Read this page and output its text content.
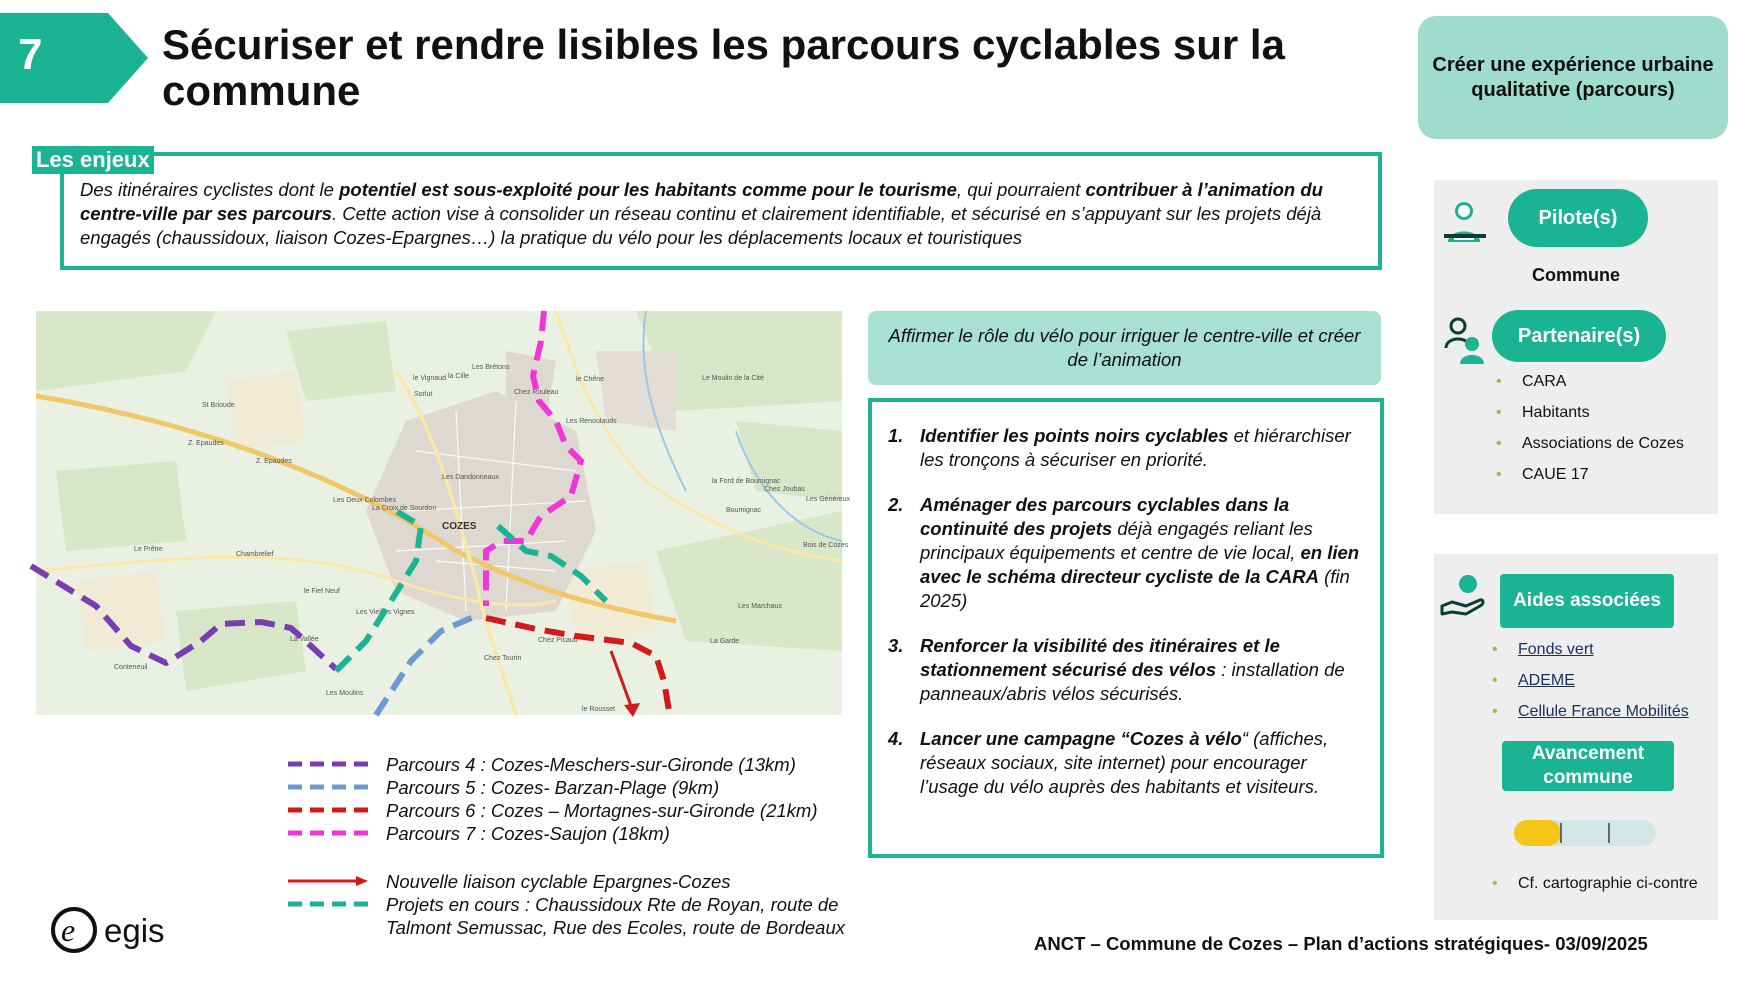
7	Sécuriser et rendre lisibles les parcours cyclables sur la
commune
Créer une expérience urbaine qualitative (parcours)
Les enjeux
Des itinéraires cyclistes dont le potentiel est sous-exploité pour les habitants comme pour le tourisme, qui pourraient contribuer à l’animation du centre-ville par ses parcours. Cette action vise à consolider un réseau continu et clairement identifiable, et sécurisé en s’appuyant sur les projets déjà engagés (chaussidoux, liaison Cozes-Epargnes…) la pratique du vélo pour les déplacements locaux et touristiques
Les Brétons
le Vignaud la Cille
Sorlut	Chez Rouleau
le Chêne
Les Renoulauds
Le Moulin de la Cité
St Brioude
Z. Epaudes
Z. Epaudes
Les Dandonneaux
Les Deux Colombes
La Croix de Sourdon
la Ford de Boumignac
Chez Joubas
Les Généreux
Bois de Cozes
Boumignac
Le Prêtre
Chambrelief
le Fief Neuf
Les Vieilles Vignes
La Vallée	Chez Picaud
Les Marchaux
La Garde
Chez Tourin
Conteneuil
Les Moulins
le Rousset
COZES
Parcours 4 : Cozes-Meschers-sur-Gironde (13km)
Parcours 5 : Cozes- Barzan-Plage (9km)
Parcours 6 : Cozes – Mortagnes-sur-Gironde (21km)
Parcours 7 : Cozes-Saujon (18km)
Nouvelle liaison cyclable Epargnes-Cozes
Projets en cours : Chaussidoux Rte de Royan, route de Talmont Semussac, Rue des Ecoles, route de Bordeaux
e egis	ANCT – Commune de Cozes – Plan d’actions stratégiques- 03/09/2025
Affirmer le rôle du vélo pour irriguer le centre-ville et créer de l’animation
1. Identifier les points noirs cyclables et hiérarchiser les tronçons à sécuriser en priorité.
2. Aménager des parcours cyclables dans la continuité des projets déjà engagés reliant les principaux équipements et centre de vie local, en lien avec le schéma directeur cycliste de la CARA (fin 2025)
3. Renforcer la visibilité des itinéraires et le stationnement sécurisé des vélos : installation de panneaux/abris vélos sécurisés.
4. Lancer une campagne “Cozes à vélo“ (affiches, réseaux sociaux, site internet) pour encourager l’usage du vélo auprès des habitants et visiteurs.
Pilote(s)
Commune
Partenaire(s)
• CARA
• Habitants
• Associations de Cozes
• CAUE 17
Aides associées
• Fonds vert
• ADEME
• Cellule France Mobilités
Avancement commune
• Cf. cartographie ci-contre
